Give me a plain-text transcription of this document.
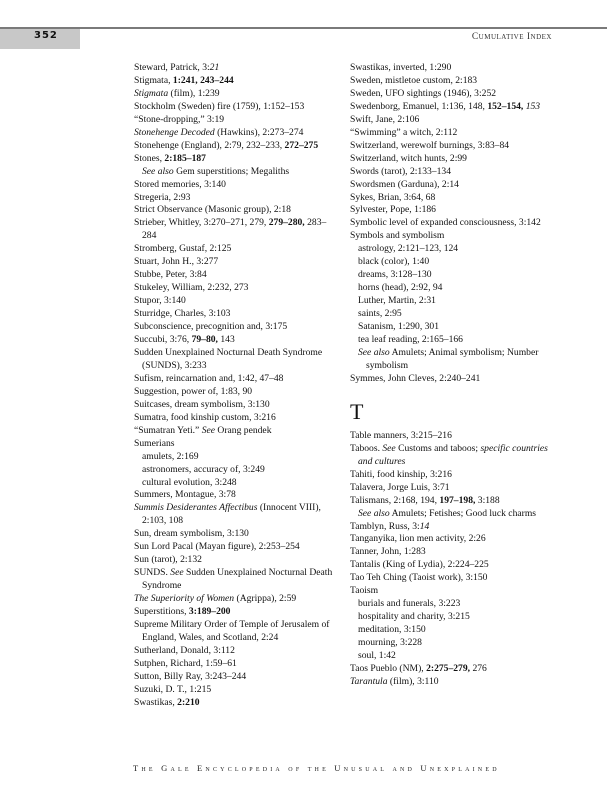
352	Cumulative Index
Steward, Patrick, 3:21
Stigmata, 1:241, 243–244
Stigmata (film), 1:239
Stockholm (Sweden) fire (1759), 1:152–153
“Stone-dropping,” 3:19
Stonehenge Decoded (Hawkins), 2:273–274
Stonehenge (England), 2:79, 232–233, 272–275
Stones, 2:185–187
See also Gem superstitions; Megaliths
Stored memories, 3:140
Stregeria, 2:93
Strict Observance (Masonic group), 2:18
Strieber, Whitley, 3:270–271, 279, 279–280, 283–284
Stromberg, Gustaf, 2:125
Stuart, John H., 3:277
Stubbe, Peter, 3:84
Stukeley, William, 2:232, 273
Stupor, 3:140
Sturridge, Charles, 3:103
Subconscience, precognition and, 3:175
Succubi, 3:76, 79–80, 143
Sudden Unexplained Nocturnal Death Syndrome (SUNDS), 3:233
Sufism, reincarnation and, 1:42, 47–48
Suggestion, power of, 1:83, 90
Suitcases, dream symbolism, 3:130
Sumatra, food kinship custom, 3:216
“Sumatran Yeti.” See Orang pendek
Sumerians
amulets, 2:169
astronomers, accuracy of, 3:249
cultural evolution, 3:248
Summers, Montague, 3:78
Summis Desiderantes Affectibus (Innocent VIII), 2:103, 108
Sun, dream symbolism, 3:130
Sun Lord Pacal (Mayan figure), 2:253–254
Sun (tarot), 2:132
SUNDS. See Sudden Unexplained Nocturnal Death Syndrome
The Superiority of Women (Agrippa), 2:59
Superstitions, 3:189–200
Supreme Military Order of Temple of Jerusalem of England, Wales, and Scotland, 2:24
Sutherland, Donald, 3:112
Sutphen, Richard, 1:59–61
Sutton, Billy Ray, 3:243–244
Suzuki, D. T., 1:215
Swastikas, 2:210
Swastikas, inverted, 1:290
Sweden, mistletoe custom, 2:183
Sweden, UFO sightings (1946), 3:252
Swedenborg, Emanuel, 1:136, 148, 152–154, 153
Swift, Jane, 2:106
“Swimming” a witch, 2:112
Switzerland, werewolf burnings, 3:83–84
Switzerland, witch hunts, 2:99
Swords (tarot), 2:133–134
Swordsmen (Garduna), 2:14
Sykes, Brian, 3:64, 68
Sylvester, Pope, 1:186
Symbolic level of expanded consciousness, 3:142
Symbols and symbolism
astrology, 2:121–123, 124
black (color), 1:40
dreams, 3:128–130
horns (head), 2:92, 94
Luther, Martin, 2:31
saints, 2:95
Satanism, 1:290, 301
tea leaf reading, 2:165–166
See also Amulets; Animal symbolism; Number symbolism
Symmes, John Cleves, 2:240–241
T
Table manners, 3:215–216
Taboos. See Customs and taboos; specific countries and cultures
Tahiti, food kinship, 3:216
Talavera, Jorge Luis, 3:71
Talismans, 2:168, 194, 197–198, 3:188
See also Amulets; Fetishes; Good luck charms
Tamblyn, Russ, 3:14
Tanganyika, lion men activity, 2:26
Tanner, John, 1:283
Tantalis (King of Lydia), 2:224–225
Tao Teh Ching (Taoist work), 3:150
Taoism
burials and funerals, 3:223
hospitality and charity, 3:215
meditation, 3:150
mourning, 3:228
soul, 1:42
Taos Pueblo (NM), 2:275–279, 276
Tarantula (film), 3:110
The Gale Encyclopedia of the Unusual and Unexplained
